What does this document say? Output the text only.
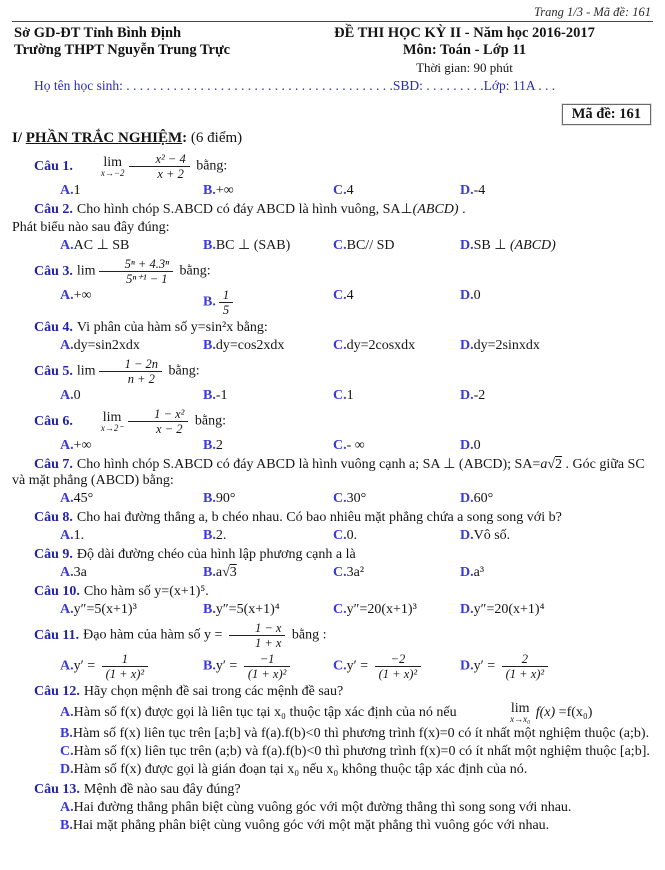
Trang 1/3 - Mã đề: 161
Sở GD-ĐT Tỉnh Bình Định
Trường THPT Nguyễn Trung Trực
ĐỀ THI HỌC KỲ II - Năm học 2016-2017
Môn: Toán - Lớp 11
Thời gian: 90 phút
Họ tên học sinh: . . . . . . . . . . . . . . . . . . . . . . . . . . . . . . . . . . . . . . . .SBD: . . . . . . . . .Lớp: 11A . . .
Mã đề: 161
I/ PHẦN TRẮC NGHIỆM: (6 điểm)
Câu 1.	lim
$x\to-2 \frac{\text{x² − 4}}{x + 2}$ bằng:
A.1	B.+∞	C.4	D.-4
Câu 2. Cho hình chóp S.ABCD có đáy ABCD là hình vuông, SA⊥(ABCD) .
Phát biểu nào sau đây đúng:
A.AC ⊥ SB	B.BC ⊥ (SAB)	C.BC// SD	D.SB ⊥ (ABCD)
Câu 3. $\lim \frac{\text{5ⁿ + 4.3ⁿ}}{\text{5ⁿ⁺¹ − 1}}$ bằng:
A.+∞	B. $\frac{1}{5}$	C.4	D.0
Câu 4. Vi phân của hàm số y=sin²x bằng:
A.dy=sin2xdx	B.dy=cos2xdx	C.dy=2cosxdx	D.dy=2sinxdx
Câu 5. $\lim \frac{1 - 2n}{n + 2}$ bằng:
A.0	B.-1	C.1	D.-2
Câu 6.	lim
$x\to 2^- \frac{\text{1 − x²}}{x - 2}$ bằng:
A.+∞	B.2	C.- ∞	D.0
Câu 7. Cho hình chóp S.ABCD có đáy ABCD là hình vuông cạnh a; SA ⊥ (ABCD); SA=a√2 . Góc giữa SC và mặt phẳng (ABCD) bằng:
A.45°	B.90°	C.30°	D.60°
Câu 8. Cho hai đường thẳng a, b chéo nhau. Có bao nhiêu mặt phẳng chứa a song song với b?
A.1.	B.2.	C.0.	D.Vô số.
Câu 9. Độ dài đường chéo của hình lập phương cạnh a là
A.3a	B.a√3	C.3a²	D.a³
Câu 10. Cho hàm số y=(x+1)⁵.
A.y″=5(x+1)³	B.y″=5(x+1)⁴	C.y″=20(x+1)³	D.y″=20(x+1)⁴
Câu 11. Đạo hàm của hàm số $y = \frac{1 - x}{1 + x}$ bằng :
$A.y' = \frac{1}{\text{(1 + x)²}}$	$B.y' = \frac{-1}{\text{(1 + x)²}}$	$C.y' = \frac{-2}{\text{(1 + x)²}}$	$D.y' = \frac{2}{\text{(1 + x)²}}$
Câu 12. Hãy chọn mệnh đề sai trong các mệnh đề sau?
A.Hàm số f(x) được gọi là liên tục tại x₀ thuộc tập xác định của nó nếu	lim
x→x₀ f(x) =f(x₀)
B.Hàm số f(x) liên tục trên [a;b] và f(a).f(b)<0 thì phương trình f(x)=0 có ít nhất một nghiệm thuộc (a;b).
C.Hàm số f(x) liên tục trên (a;b) và f(a).f(b)<0 thì phương trình f(x)=0 có ít nhất một nghiệm thuộc [a;b].
D.Hàm số f(x) được gọi là gián đoạn tại x₀ nếu x₀ không thuộc tập xác định của nó.
Câu 13. Mệnh đề nào sau đây đúng?
A.Hai đường thẳng phân biệt cùng vuông góc với một đường thẳng thì song song với nhau.
B.Hai mặt phẳng phân biệt cùng vuông góc với một mặt phẳng thì vuông góc với nhau.
